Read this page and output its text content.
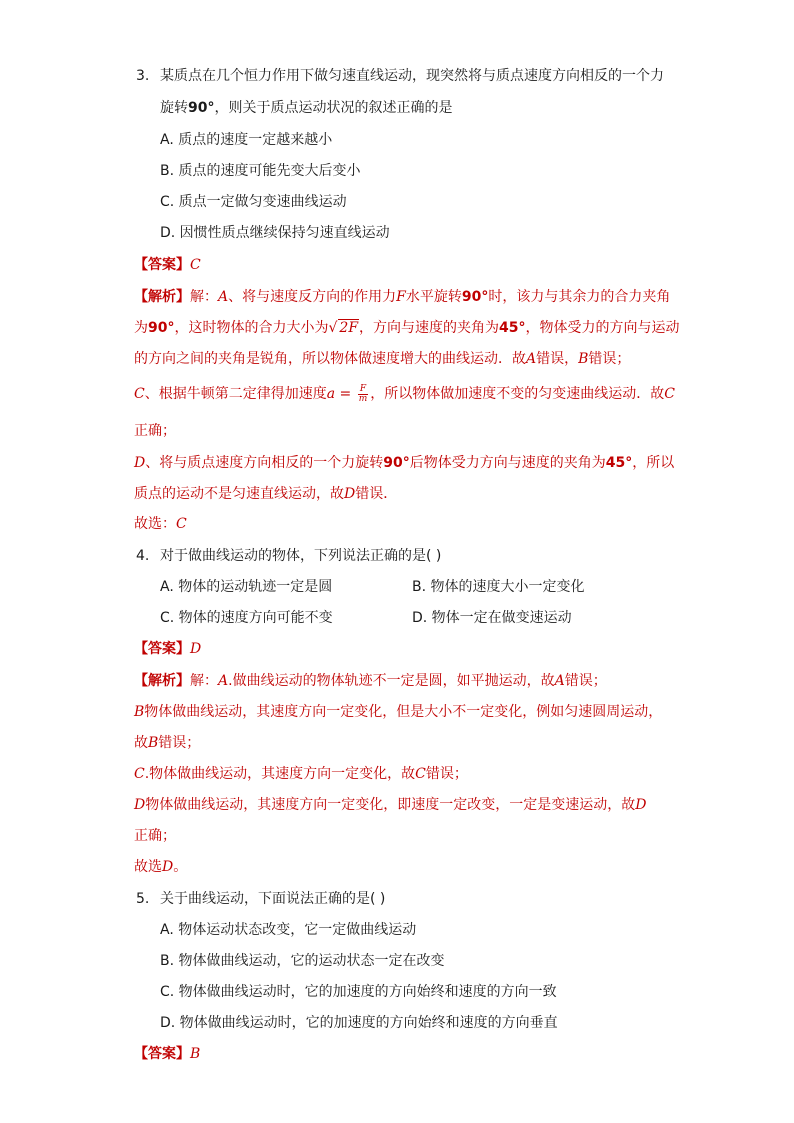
3. 某质点在几个恒力作用下做匀速直线运动，现突然将与质点速度方向相反的一个力
旋转90°，则关于质点运动状况的叙述正确的是
A. 质点的速度一定越来越小
B. 质点的速度可能先变大后变小
C. 质点一定做匀变速曲线运动
D. 因惯性质点继续保持匀速直线运动
【答案】C
【解析】解：A、将与速度反方向的作用力F水平旋转90°时，该力与其余力的合力夹角
为90°，这时物体的合力大小为√ 2F，方向与速度的夹角为45°，物体受力的方向与运动
的方向之间的夹角是锐角，所以物体做速度增大的曲线运动．故A错误，B错误；
C、根据牛顿第二定律得加速度$a = \frac{F}{m}$ ，所以物体做加速度不变的匀变速曲线运动．故C
正确；
D、将与质点速度方向相反的一个力旋转90°后物体受力方向与速度的夹角为45°，所以
质点的运动不是匀速直线运动，故D错误．
故选：C
4. 对于做曲线运动的物体，下列说法正确的是( )
A. 物体的运动轨迹一定是圆	B. 物体的速度大小一定变化
C. 物体的速度方向可能不变	D. 物体一定在做变速运动
【答案】D
【解析】解：A.做曲线运动的物体轨迹不一定是圆，如平抛运动，故A错误；
B物体做曲线运动，其速度方向一定变化，但是大小不一定变化，例如匀速圆周运动，
故B错误；
C.物体做曲线运动，其速度方向一定变化，故C错误；
D物体做曲线运动，其速度方向一定变化，即速度一定改变，一定是变速运动，故D
正确；
故选D。
5. 关于曲线运动，下面说法正确的是( )
A. 物体运动状态改变，它一定做曲线运动
B. 物体做曲线运动，它的运动状态一定在改变
C. 物体做曲线运动时，它的加速度的方向始终和速度的方向一致
D. 物体做曲线运动时，它的加速度的方向始终和速度的方向垂直
【答案】B
